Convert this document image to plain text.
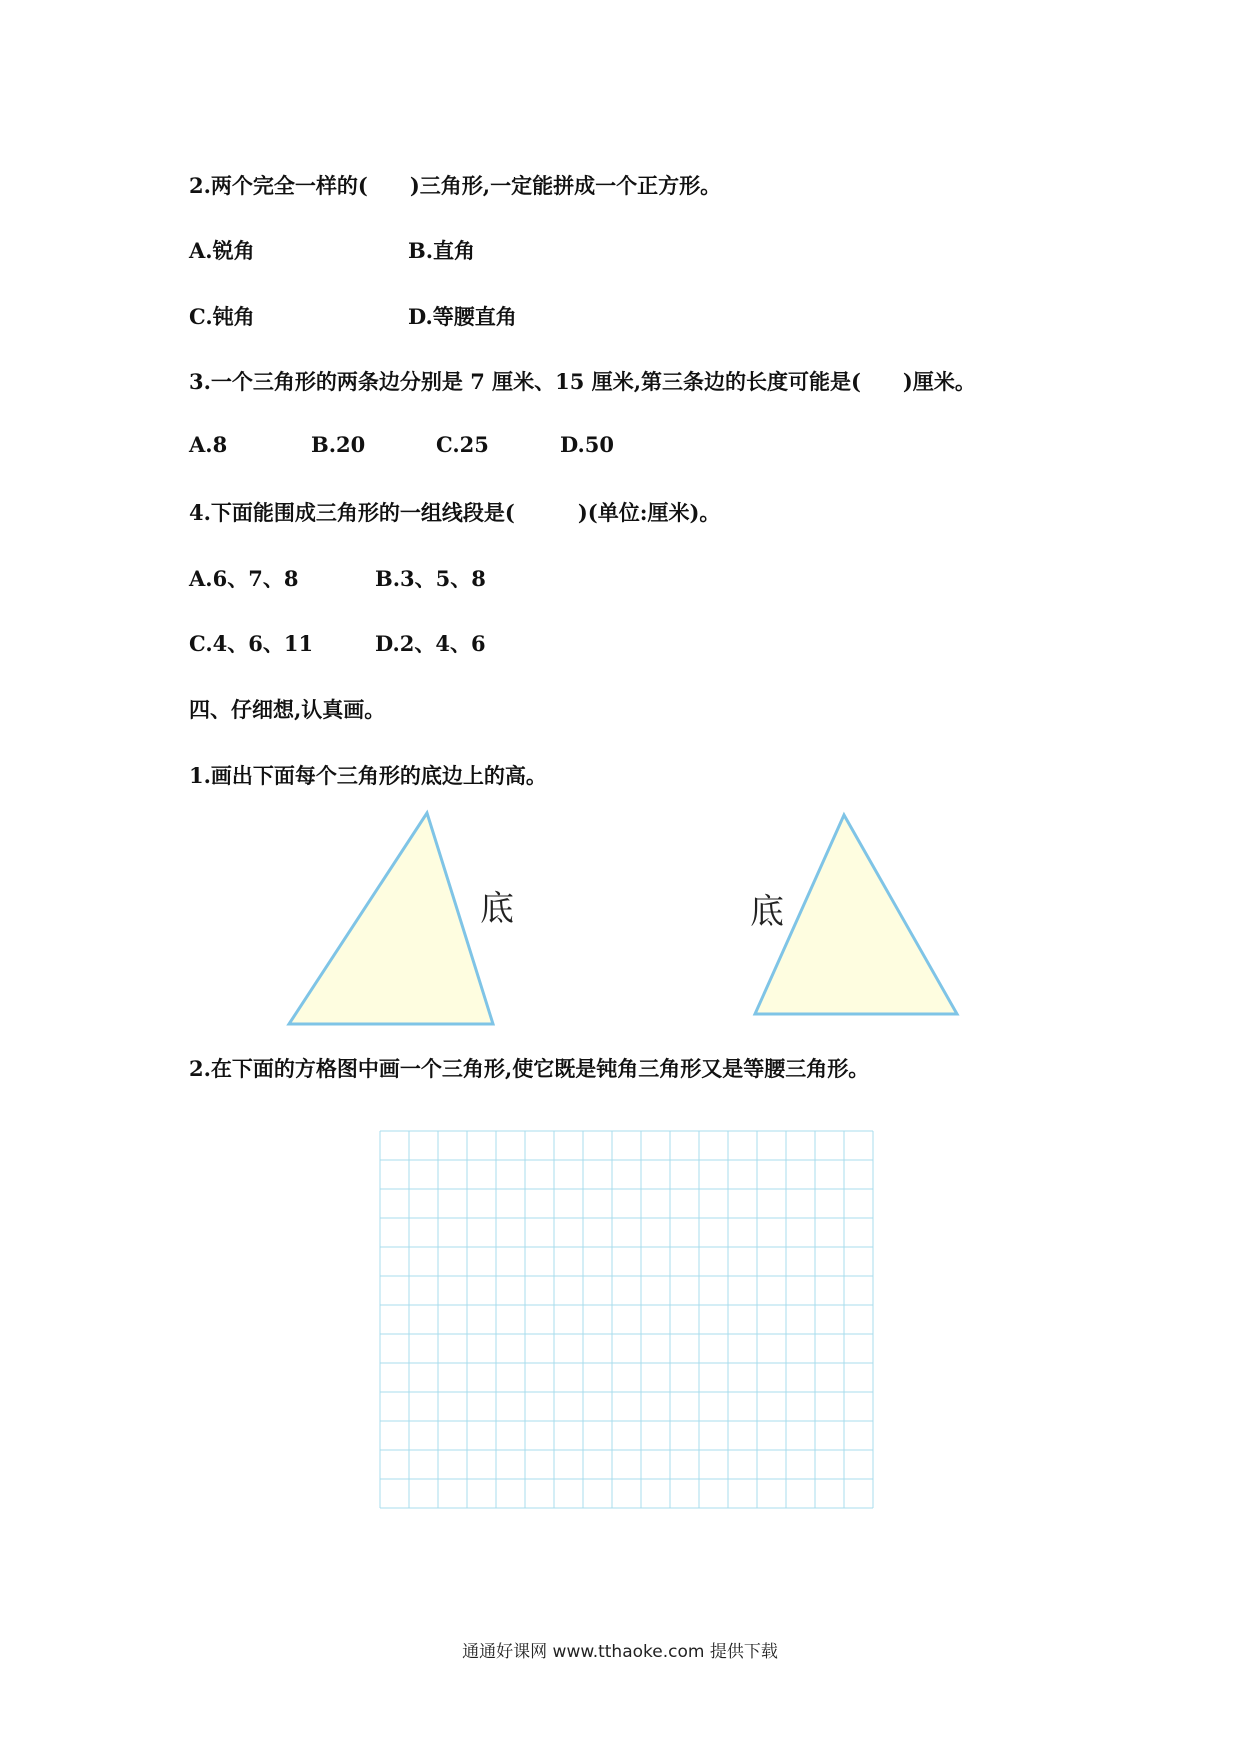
2.两个完全一样的(　　)三角形,一定能拼成一个正方形。
A.锐角	B.直角
C.钝角	D.等腰直角
3.一个三角形的两条边分别是 7 厘米、15 厘米,第三条边的长度可能是(　　)厘米。
A.8	B.20	C.25	D.50
4.下面能围成三角形的一组线段是(　　　)(单位:厘米)。
A.6、7、8	B.3、5、8
C.4、6、11	D.2、4、6
四、仔细想,认真画。
1.画出下面每个三角形的底边上的高。
底	底
2.在下面的方格图中画一个三角形,使它既是钝角三角形又是等腰三角形。
通通好课网 www.tthaoke.com 提供下载
